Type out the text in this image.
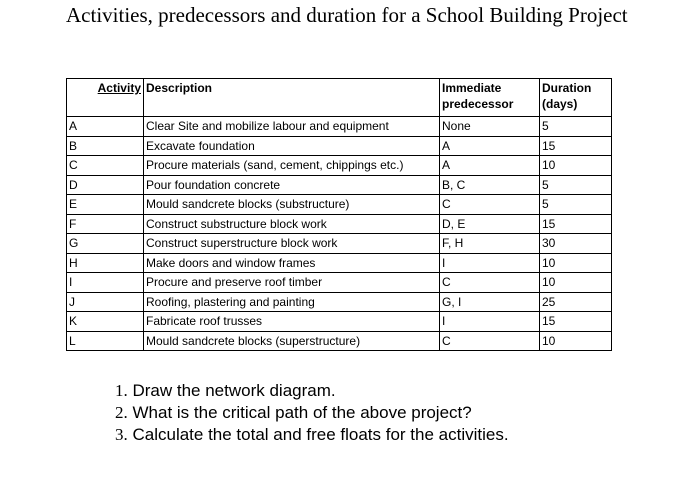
Activities, predecessors and duration for a School Building Project
Activity	Description	Immediate predecessor	Duration (days)
A	Clear Site and mobilize labour and equipment	None	5
B	Excavate foundation	A	15
C	Procure materials (sand, cement, chippings etc.)	A	10
D	Pour foundation concrete	B, C	5
E	Mould sandcrete blocks (substructure)	C	5
F	Construct substructure block work	D, E	15
G	Construct superstructure block work	F, H	30
H	Make doors and window frames	I	10
I	Procure and preserve roof timber	C	10
J	Roofing, plastering and painting	G, I	25
K	Fabricate roof trusses	I	15
L	Mould sandcrete blocks (superstructure)	C	10
1. Draw the network diagram.
2. What is the critical path of the above project?
3. Calculate the total and free floats for the activities.
